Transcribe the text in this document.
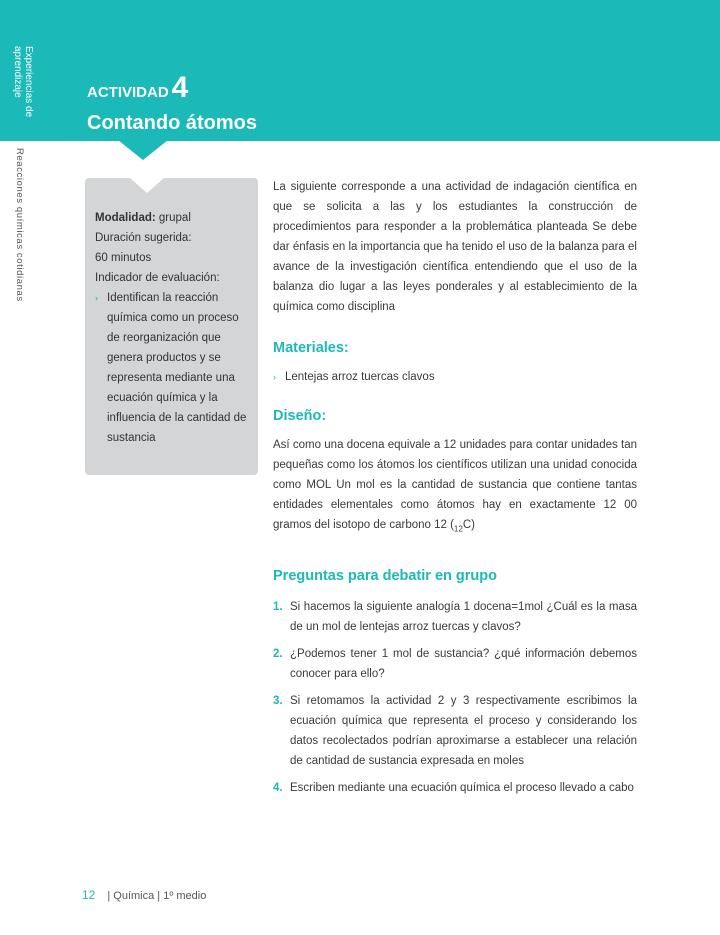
Experiencias de aprendizaje
Reacciones químicas cotidianas
ACTIVIDAD 4
Contando átomos
Modalidad: grupal
Duración sugerida:
60 minutos
Indicador de evaluación:
› Identifican la reacción química como un proceso de reorganización que genera productos y se representa mediante una ecuación química y la influencia de la cantidad de sustancia

La siguiente corresponde a una actividad de indagación científica en que se solicita a las y los estudiantes la construcción de procedimientos para responder a la problemática planteada Se debe dar énfasis en la importancia que ha tenido el uso de la balanza para el avance de la investigación científica entendiendo que el uso de la balanza dio lugar a las leyes ponderales y al establecimiento de la química como disciplina

Materiales:
› Lentejas arroz tuercas clavos
Diseño:

Así como una docena equivale a 12 unidades para contar unidades tan pequeñas como los átomos los científicos utilizan una unidad conocida como MOL Un mol es la cantidad de sustancia que contiene tantas entidades elementales como átomos hay en exactamente 12 00 gramos del isotopo de carbono 12 $(_{12}C)$

Preguntas para debatir en grupo
1. Si hacemos la siguiente analogía 1 docena=1mol ¿Cuál es la masa de un mol de lentejas arroz tuercas y clavos?
2. ¿Podemos tener 1 mol de sustancia? ¿qué información debemos conocer para ello?
3. Si retomamos la actividad 2 y 3 respectivamente escribimos la ecuación química que representa el proceso y considerando los datos recolectados podrían aproximarse a establecer una relación de cantidad de sustancia expresada en moles
4. Escriben mediante una ecuación química el proceso llevado a cabo
12 | Química | 1º medio
